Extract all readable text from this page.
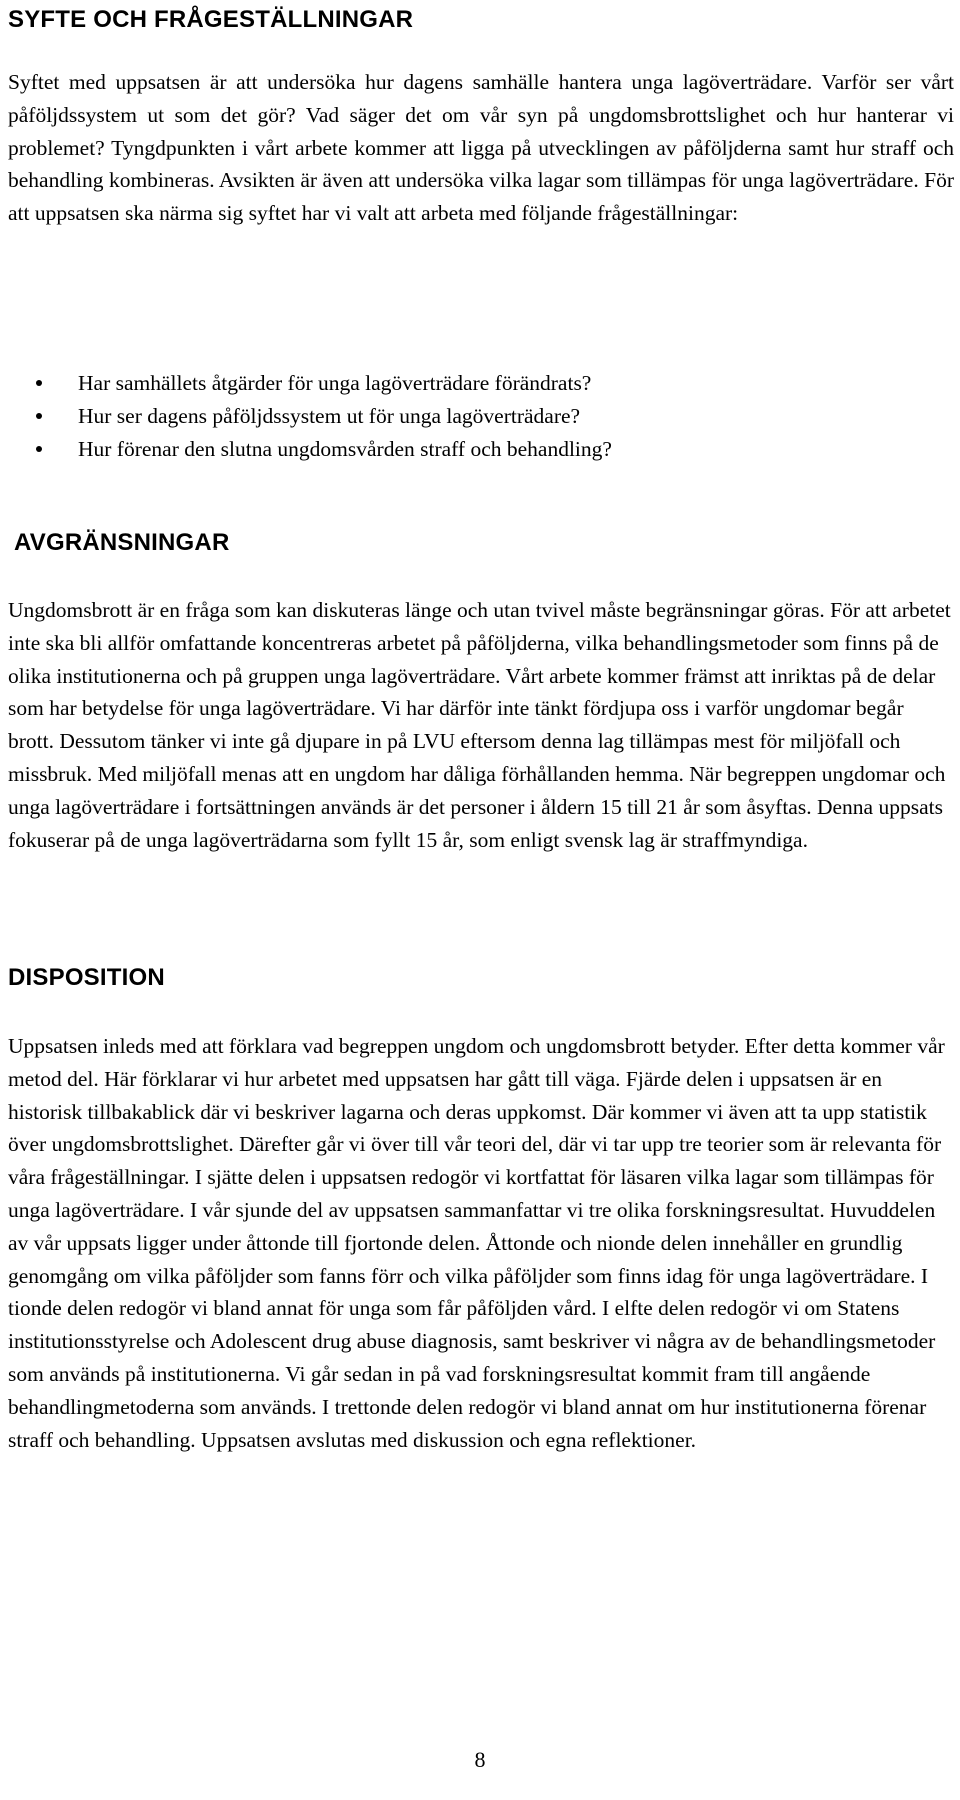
SYFTE OCH FRÅGESTÄLLNINGAR

Syftet med uppsatsen är att undersöka hur dagens samhälle hantera unga lagöverträdare. Varför ser vårt påföljdssystem ut som det gör? Vad säger det om vår syn på ungdomsbrottslighet och hur hanterar vi problemet? Tyngdpunkten i vårt arbete kommer att ligga på utvecklingen av påföljderna samt hur straff och behandling kombineras. Avsikten är även att undersöka vilka lagar som tillämpas för unga lagöverträdare. För att uppsatsen ska närma sig syftet har vi valt att arbeta med följande frågeställningar:

Har samhällets åtgärder för unga lagöverträdare förändrats?
Hur ser dagens påföljdssystem ut för unga lagöverträdare?
Hur förenar den slutna ungdomsvården straff och behandling?
AVGRÄNSNINGAR

Ungdomsbrott är en fråga som kan diskuteras länge och utan tvivel måste begränsningar göras. För att arbetet inte ska bli allför omfattande koncentreras arbetet på påföljderna, vilka behandlingsmetoder som finns på de olika institutionerna och på gruppen unga lagöverträdare. Vårt arbete kommer främst att inriktas på de delar som har betydelse för unga lagöverträdare. Vi har därför inte tänkt fördjupa oss i varför ungdomar begår brott. Dessutom tänker vi inte gå djupare in på LVU eftersom denna lag tillämpas mest för miljöfall och missbruk. Med miljöfall menas att en ungdom har dåliga förhållanden hemma. När begreppen ungdomar och unga lagöverträdare i fortsättningen används är det personer i åldern 15 till 21 år som åsyftas. Denna uppsats fokuserar på de unga lagöverträdarna som fyllt 15 år, som enligt svensk lag är straffmyndiga.

DISPOSITION

Uppsatsen inleds med att förklara vad begreppen ungdom och ungdomsbrott betyder. Efter detta kommer vår metod del. Här förklarar vi hur arbetet med uppsatsen har gått till väga. Fjärde delen i uppsatsen är en historisk tillbakablick där vi beskriver lagarna och deras uppkomst. Där kommer vi även att ta upp statistik över ungdomsbrottslighet. Därefter går vi över till vår teori del, där vi tar upp tre teorier som är relevanta för våra frågeställningar. I sjätte delen i uppsatsen redogör vi kortfattat för läsaren vilka lagar som tillämpas för unga lagöverträdare. I vår sjunde del av uppsatsen sammanfattar vi tre olika forskningsresultat. Huvuddelen av vår uppsats ligger under åttonde till fjortonde delen. Åttonde och nionde delen innehåller en grundlig genomgång om vilka påföljder som fanns förr och vilka påföljder som finns idag för unga lagöverträdare. I tionde delen redogör vi bland annat för unga som får påföljden vård. I elfte delen redogör vi om Statens institutionsstyrelse och Adolescent drug abuse diagnosis, samt beskriver vi några av de behandlingsmetoder som används på institutionerna. Vi går sedan in på vad forskningsresultat kommit fram till angående behandlingmetoderna som används. I trettonde delen redogör vi bland annat om hur institutionerna förenar straff och behandling. Uppsatsen avslutas med diskussion och egna reflektioner.

8
